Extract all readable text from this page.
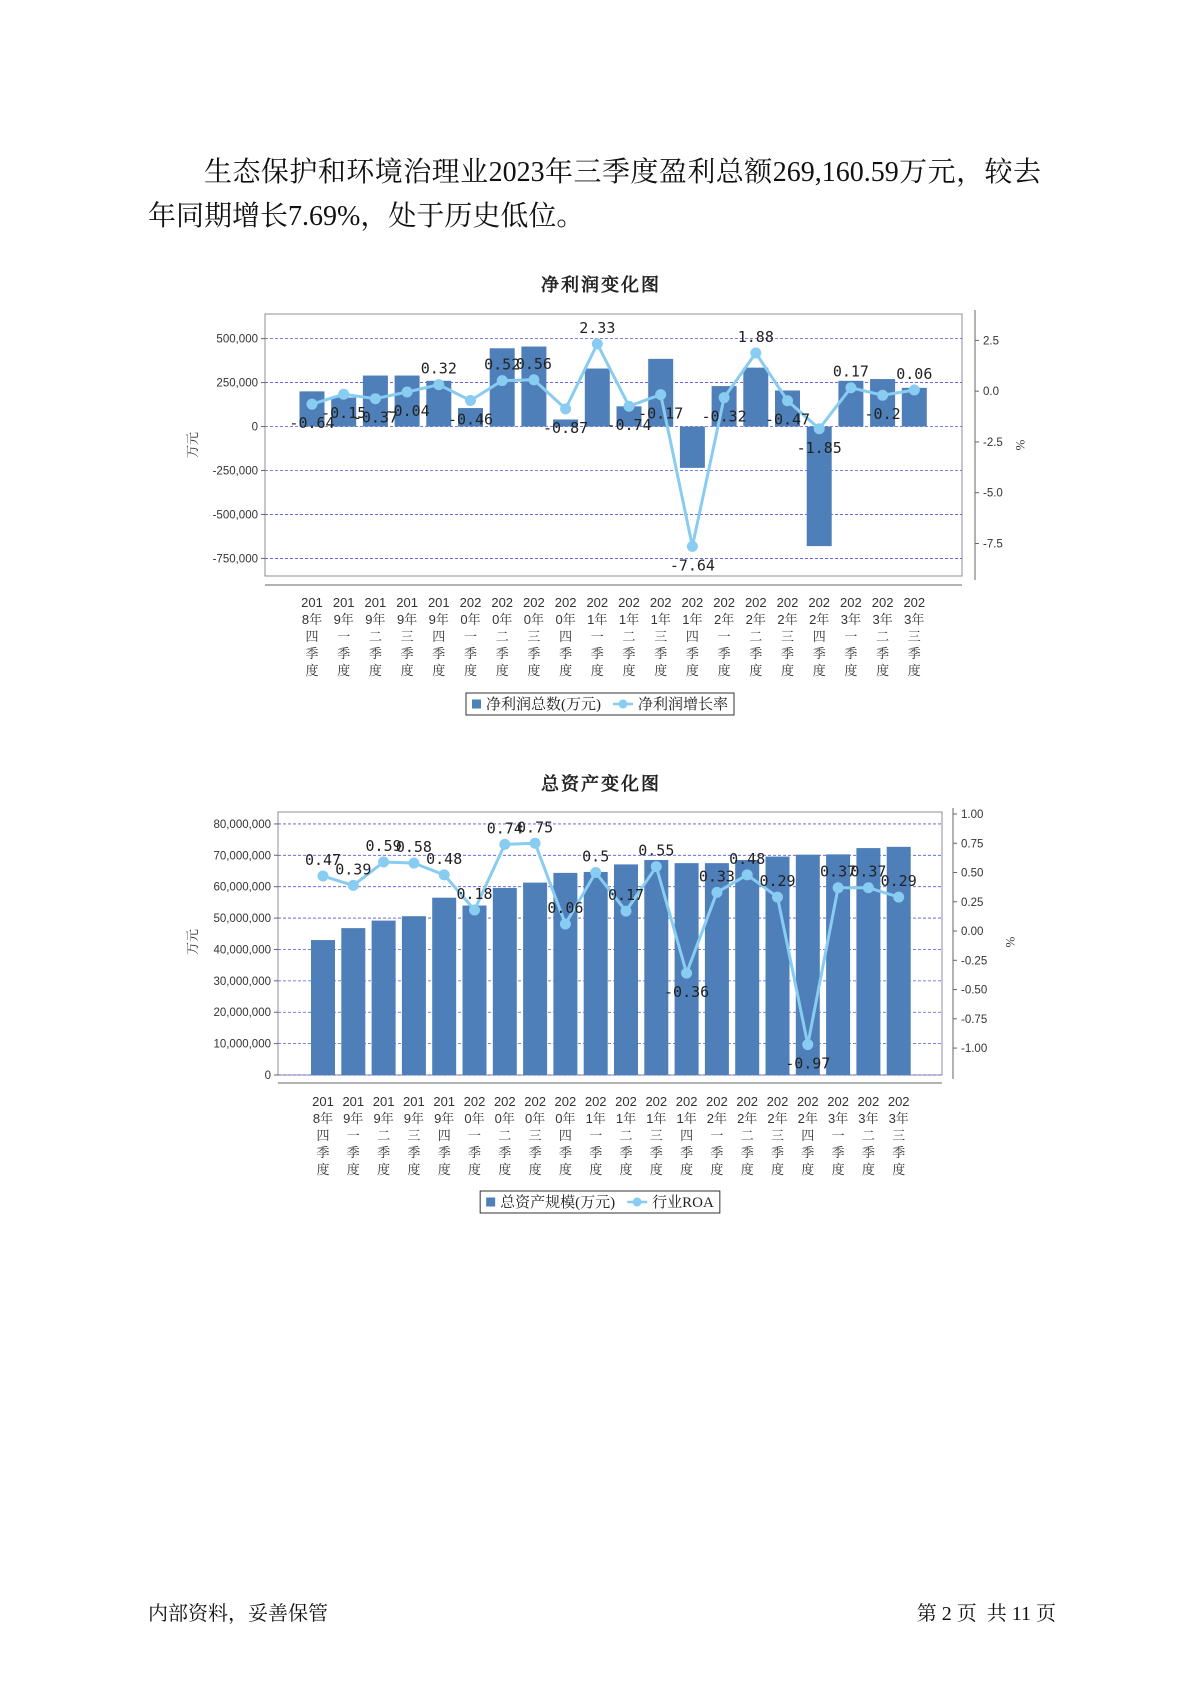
生态保护和环境治理业2023年三季度盈利总额269,160.59万元，较去年同期增长7.69%，处于历史低位。

净利润变化图
万元	%
500,000
250,000
0
-250,000
-500,000
-750,000
2.5
0.0
-2.5
-5.0
-7.5
-0.64
-0.15
-0.37
-0.04
0.32
-0.46
0.52
0.56
-0.87
2.33
-0.74
-0.17
-7.64
-0.32
1.88
-0.47
-1.85
0.17
-0.2
0.06
201 8年四季度
201 9年一季度
201 9年二季度
201 9年三季度
201 9年四季度
202 0年一季度
202 0年二季度
202 0年三季度
202 0年四季度
202 1年一季度
202 1年二季度
202 1年三季度
202 1年四季度
202 2年一季度
202 2年二季度
202 2年三季度
202 2年四季度
202 3年一季度
202 3年二季度
202 3年三季度
净利润总数(万元) 净利润增长率
总资产变化图
万元	%
80,000,000
70,000,000
60,000,000
50,000,000
40,000,000
30,000,000
20,000,000
10,000,000
0
1.00
0.75
0.50
0.25
0.00
-0.25
-0.50
-0.75
-1.00
0.47
0.39
0.59
0.58
0.48
0.18
0.74
0.75
0.06
0.5
0.17
0.55
-0.36
0.33
0.48
0.29
-0.97
0.37
0.37
0.29
201 8年四季度
201 9年一季度
201 9年二季度
201 9年三季度
201 9年四季度
202 0年一季度
202 0年二季度
202 0年三季度
202 0年四季度
202 1年一季度
202 1年二季度
202 1年三季度
202 1年四季度
202 2年一季度
202 2年二季度
202 2年三季度
202 2年四季度
202 3年一季度
202 3年二季度
202 3年三季度
总资产规模(万元) 行业ROA
内部资料，妥善保管	第 2 页  共 11 页
